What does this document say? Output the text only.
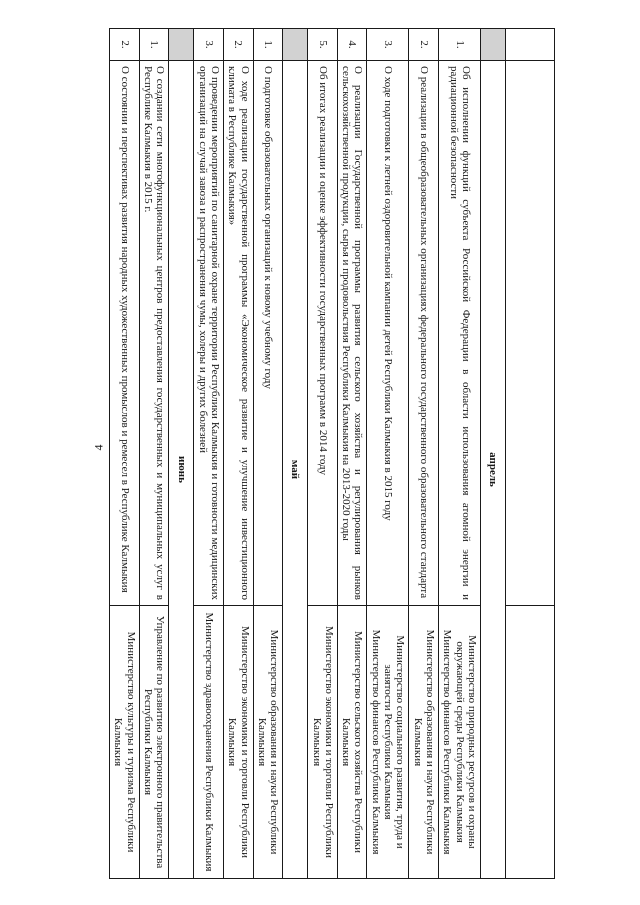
4

	апрель	
1.	Об исполнении функций субъекта Российской Федерации в области использования атомной энергии и радиационной безопасности	Министерство природных ресурсов и охраны окружающей среды Республики Калмыкия
Министерство финансов Республики Калмыкия

2.	О реализации в общеобразовательных организациях федерального государственного образовательного стандарта	Министерство образования и науки Республики Калмыкия

3.	О ходе подготовки к летней оздоровительной кампании детей Республики Калмыкия в 2015 году	Министерство социального развития, труда и занятости Республики Калмыкия
Министерство финансов Республики Калмыкия

4.	О реализации Государственной программы развития сельского хозяйства и регулирования рынков сельскохозяйственной продукции, сырья и продовольствия Республики Калмыкия на 2013-2020 годы	Министерство сельского хозяйства Республики Калмыкия

5.	Об итогах реализации и оценке эффективности государственных программ в 2014 году	Министерство экономики и торговли Республики Калмыкия

	май	
1.	О подготовке образовательных организаций к новому учебному году	Министерство образования и науки Республики Калмыкия

2.	О ходе реализации государственной программы «Экономическое развитие и улучшение инвестиционного климата в Республике Калмыкия»	Министерство экономики и торговли Республики Калмыкия

3.	О проведении мероприятий по санитарной охране территории Республики Калмыкия и готовности медицинских организаций на случай завоза и распространения чумы, холеры и других болезней	Министерство здравоохранения Республики Калмыкия

	июнь	
1.	О создании сети многофункциональных центров предоставления государственных и муниципальных услуг в Республике Калмыкия в 2015 г.	Управление по развитию электронного правительства Республики Калмыкия

2.	О состоянии и перспективах развития народных художественных промыслов и ремесел в Республике Калмыкия	Министерство культуры и туризма Республики Калмыкия
